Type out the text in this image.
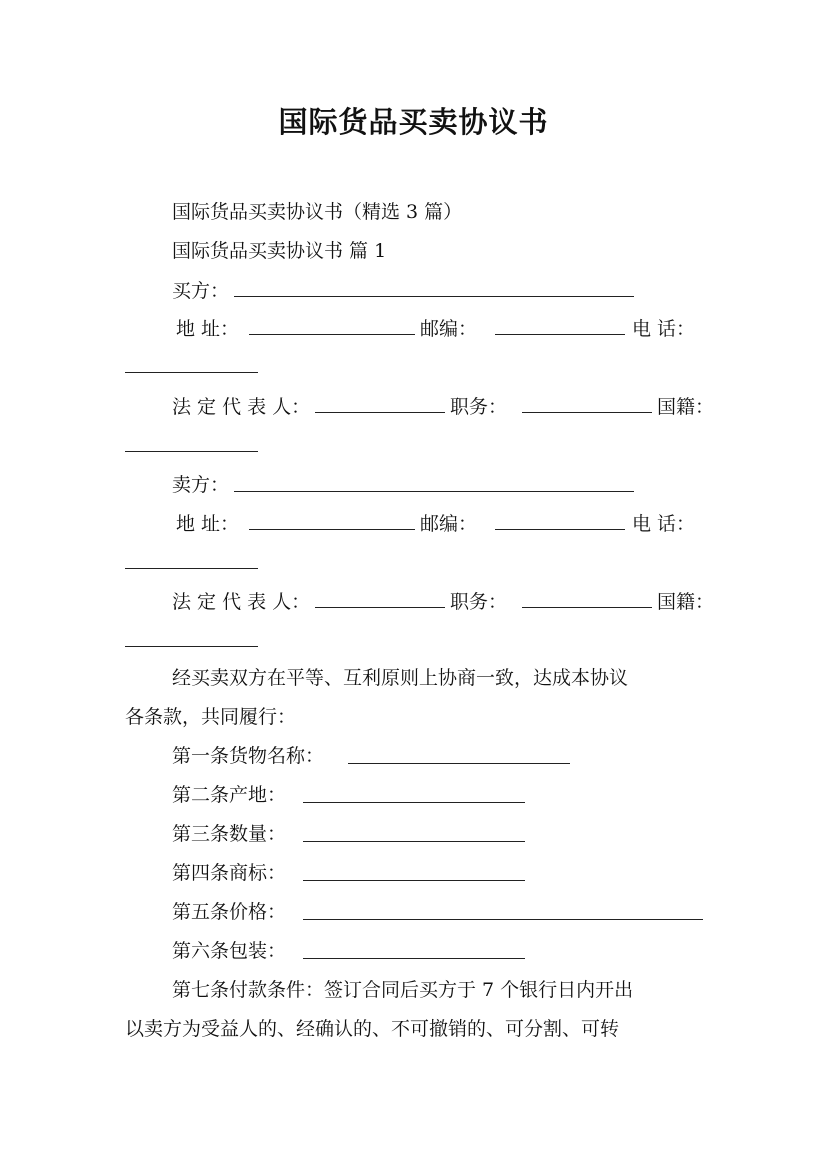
国际货品买卖协议书
国际货品买卖协议书（精选 3 篇）
国际货品买卖协议书 篇 1
买方：
地 址：	邮编：	电 话：
法 定 代 表 人：	职务：	国籍：
卖方：
地 址：	邮编：	电 话：
法 定 代 表 人：	职务：	国籍：
经买卖双方在平等、互利原则上协商一致，达成本协议
各条款，共同履行：
第一条货物名称：
第二条产地：
第三条数量：
第四条商标：
第五条价格：
第六条包装：
第七条付款条件：签订合同后买方于 7 个银行日内开出
以卖方为受益人的、经确认的、不可撤销的、可分割、可转
